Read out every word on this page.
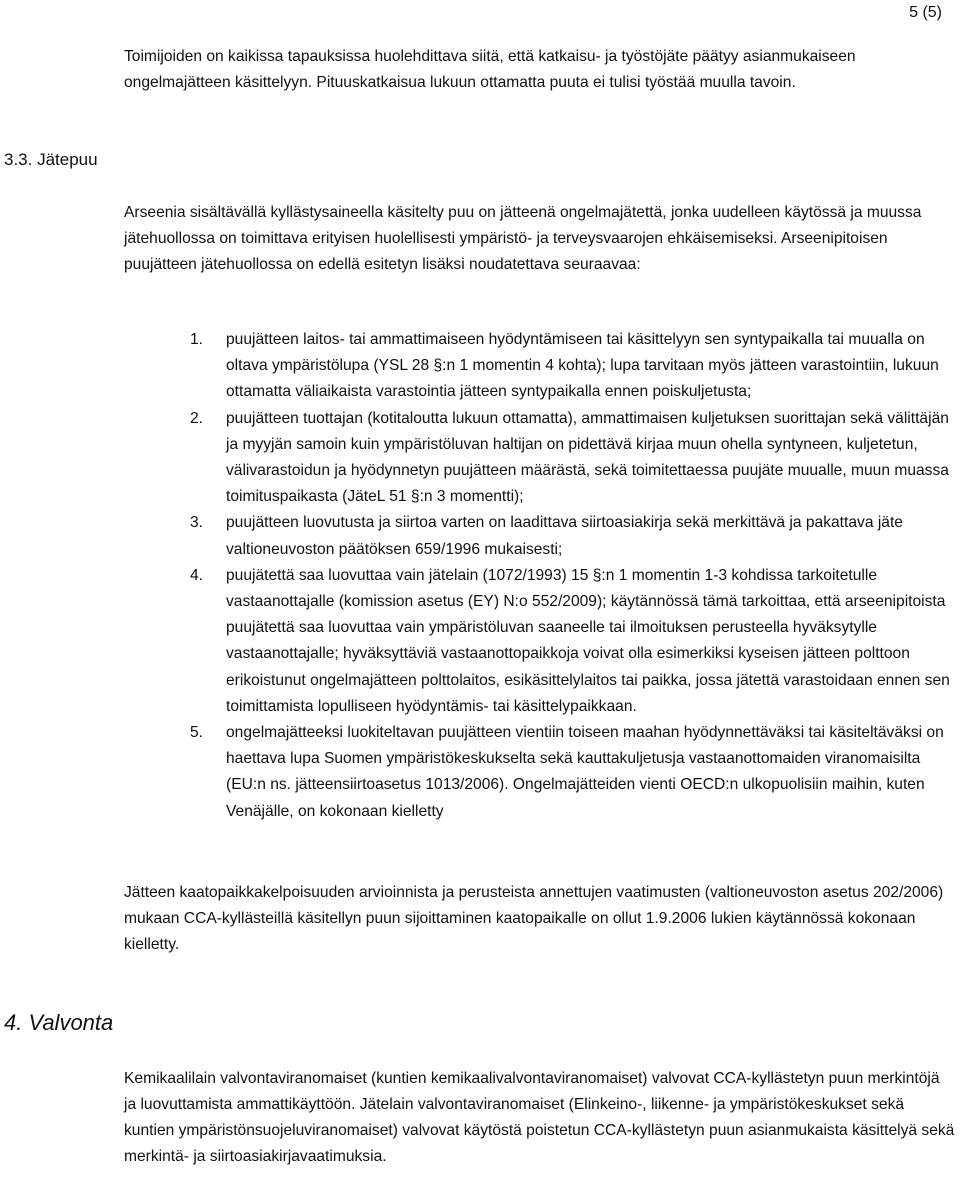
5 (5)

Toimijoiden on kaikissa tapauksissa huolehdittava siitä, että katkaisu- ja työstöjäte päätyy asianmukaiseen ongelmajätteen käsittelyyn. Pituuskatkaisua lukuun ottamatta puuta ei tulisi työstää muulla tavoin.

3.3. Jätepuu

Arseenia sisältävällä kyllästysaineella käsitelty puu on jätteenä ongelmajätettä, jonka uudelleen käytössä ja muussa jätehuollossa on toimittava erityisen huolellisesti ympäristö- ja terveysvaarojen ehkäisemiseksi. Arseenipitoisen puujätteen jätehuollossa on edellä esitetyn lisäksi noudatettava seuraavaa:

1. puujätteen laitos- tai ammattimaiseen hyödyntämiseen tai käsittelyyn sen syntypaikalla tai muualla on oltava ympäristölupa (YSL 28 §:n 1 momentin 4 kohta); lupa tarvitaan myös jätteen varastointiin, lukuun ottamatta väliaikaista varastointia jätteen syntypaikalla ennen poiskuljetusta;
2. puujätteen tuottajan (kotitaloutta lukuun ottamatta), ammattimaisen kuljetuksen suorittajan sekä välittäjän ja myyjän samoin kuin ympäristöluvan haltijan on pidettävä kirjaa muun ohella syntyneen, kuljetetun, välivarastoidun ja hyödynnetyn puujätteen määrästä, sekä toimitettaessa puujäte muualle, muun muassa toimituspaikasta (JäteL 51 §:n 3 momentti);
3. puujätteen luovutusta ja siirtoa varten on laadittava siirtoasiakirja sekä merkittävä ja pakattava jäte valtioneuvoston päätöksen 659/1996 mukaisesti;
4. puujätettä saa luovuttaa vain jätelain (1072/1993) 15 §:n 1 momentin 1-3 kohdissa tarkoitetulle vastaanottajalle (komission asetus (EY) N:o 552/2009); käytännössä tämä tarkoittaa, että arseenipitoista puujätettä saa luovuttaa vain ympäristöluvan saaneelle tai ilmoituksen perusteella hyväksytylle vastaanottajalle; hyväksyttäviä vastaanottopaikkoja voivat olla esimerkiksi kyseisen jätteen polttoon erikoistunut ongelmajätteen polttolaitos, esikäsittelylaitos tai paikka, jossa jätettä varastoidaan ennen sen toimittamista lopulliseen hyödyntämis- tai käsittelypaikkaan.
5. ongelmajätteeksi luokiteltavan puujätteen vientiin toiseen maahan hyödynnettäväksi tai käsiteltäväksi on haettava lupa Suomen ympäristökeskukselta sekä kauttakuljetusja vastaanottomaiden viranomaisilta (EU:n ns. jätteensiirtoasetus 1013/2006). Ongelmajätteiden vienti OECD:n ulkopuolisiin maihin, kuten Venäjälle, on kokonaan kielletty

Jätteen kaatopaikkakelpoisuuden arvioinnista ja perusteista annettujen vaatimusten (valtioneuvoston asetus 202/2006) mukaan CCA-kyllästeillä käsitellyn puun sijoittaminen kaatopaikalle on ollut 1.9.2006 lukien käytännössä kokonaan kielletty.

4. Valvonta

Kemikaalilain valvontaviranomaiset (kuntien kemikaalivalvontaviranomaiset) valvovat CCA-kyllästetyn puun merkintöjä ja luovuttamista ammattikäyttöön. Jätelain valvontaviranomaiset (Elinkeino-, liikenne- ja ympäristökeskukset sekä kuntien ympäristönsuojeluviranomaiset) valvovat käytöstä poistetun CCA-kyllästetyn puun asianmukaista käsittelyä sekä merkintä- ja siirtoasiakirjavaatimuksia.
